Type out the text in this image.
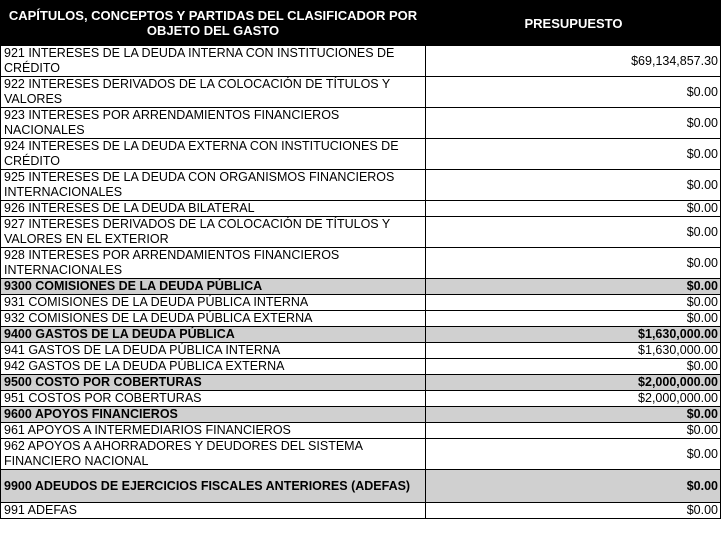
CAPÍTULOS, CONCEPTOS Y PARTIDAS DEL CLASIFICADOR POR OBJETO DEL GASTO	PRESUPUESTO
921 INTERESES DE LA DEUDA INTERNA CON INSTITUCIONES DE CRÉDITO	$69,134,857.30
922 INTERESES DERIVADOS DE LA COLOCACIÓN DE TÍTULOS Y VALORES	$0.00
923 INTERESES POR ARRENDAMIENTOS FINANCIEROS NACIONALES	$0.00
924 INTERESES DE LA DEUDA EXTERNA CON INSTITUCIONES DE CRÉDITO	$0.00
925 INTERESES DE LA DEUDA CON ORGANISMOS FINANCIEROS INTERNACIONALES	$0.00
926 INTERESES DE LA DEUDA BILATERAL	$0.00
927 INTERESES DERIVADOS DE LA COLOCACIÓN DE TÍTULOS Y VALORES EN EL EXTERIOR	$0.00
928 INTERESES POR ARRENDAMIENTOS FINANCIEROS INTERNACIONALES	$0.00
9300 COMISIONES DE LA DEUDA PÚBLICA	$0.00
931 COMISIONES DE LA DEUDA PÚBLICA INTERNA	$0.00
932 COMISIONES DE LA DEUDA PÚBLICA EXTERNA	$0.00
9400 GASTOS DE LA DEUDA PÚBLICA	$1,630,000.00
941 GASTOS DE LA DEUDA PÚBLICA INTERNA	$1,630,000.00
942 GASTOS DE LA DEUDA PÚBLICA EXTERNA	$0.00
9500 COSTO POR COBERTURAS	$2,000,000.00
951 COSTOS POR COBERTURAS	$2,000,000.00
9600 APOYOS FINANCIEROS	$0.00
961 APOYOS A INTERMEDIARIOS FINANCIEROS	$0.00
962 APOYOS A AHORRADORES Y DEUDORES DEL SISTEMA FINANCIERO NACIONAL	$0.00
9900 ADEUDOS DE EJERCICIOS FISCALES ANTERIORES (ADEFAS)	$0.00
991 ADEFAS	$0.00
